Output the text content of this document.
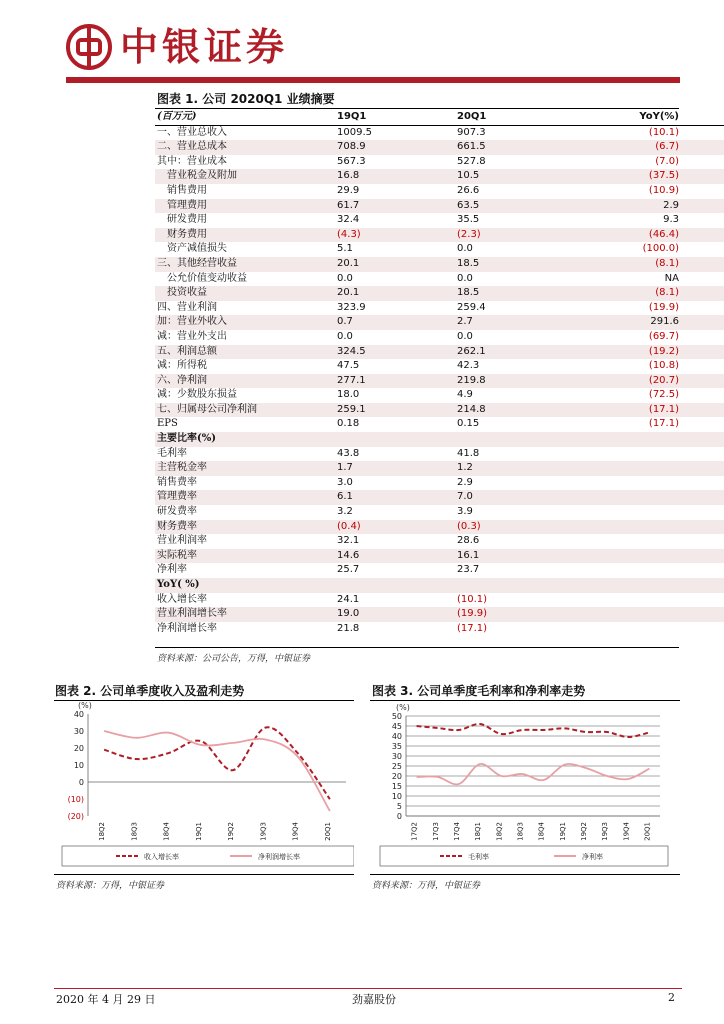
中银证券
图表 1. 公司 2020Q1 业绩摘要
(百万元)	19Q1	20Q1	YoY(%)
一、营业总收入	1009.5	907.3	(10.1)
二、营业总成本	708.9	661.5	(6.7)
其中：营业成本	567.3	527.8	(7.0)
　营业税金及附加	16.8	10.5	(37.5)
　销售费用	29.9	26.6	(10.9)
　管理费用	61.7	63.5	2.9
　研发费用	32.4	35.5	9.3
　财务费用	(4.3)	(2.3)	(46.4)
　资产减值损失	5.1	0.0	(100.0)
三、其他经营收益	20.1	18.5	(8.1)
　公允价值变动收益	0.0	0.0	NA
　投资收益	20.1	18.5	(8.1)
四、营业利润	323.9	259.4	(19.9)
加：营业外收入	0.7	2.7	291.6
减：营业外支出	0.0	0.0	(69.7)
五、利润总额	324.5	262.1	(19.2)
减：所得税	47.5	42.3	(10.8)
六、净利润	277.1	219.8	(20.7)
减：少数股东损益	18.0	4.9	(72.5)
七、归属母公司净利润	259.1	214.8	(17.1)
EPS	0.18	0.15	(17.1)
主要比率(%)			
毛利率	43.8	41.8	
主营税金率	1.7	1.2	
销售费率	3.0	2.9	
管理费率	6.1	7.0	
研发费率	3.2	3.9	
财务费率	(0.4)	(0.3)	
营业利润率	32.1	28.6	
实际税率	14.6	16.1	
净利率	25.7	23.7	
YoY( %)			
收入增长率	24.1	(10.1)	
营业利润增长率	19.0	(19.9)	
净利润增长率	21.8	(17.1)	
资料来源：公司公告，万得，中银证券
图表 2. 公司单季度收入及盈利走势
(%)
40
30
20
10
0
(10)
(20)
18Q2	18Q3	18Q4	19Q1	19Q2	19Q3	19Q4	20Q1
收入增长率	净利润增长率
资料来源：万得，中银证券
图表 3. 公司单季度毛利率和净利率走势
(%)
50
45
40
35
30
25
20
15
10
5
0
17Q2 17Q3 17Q4 18Q1 18Q2 18Q3 18Q4 19Q1 19Q2 19Q3 19Q4 20Q1
毛利率	净利率
资料来源：万得，中银证券
2020 年 4 月 29 日	劲嘉股份	2
